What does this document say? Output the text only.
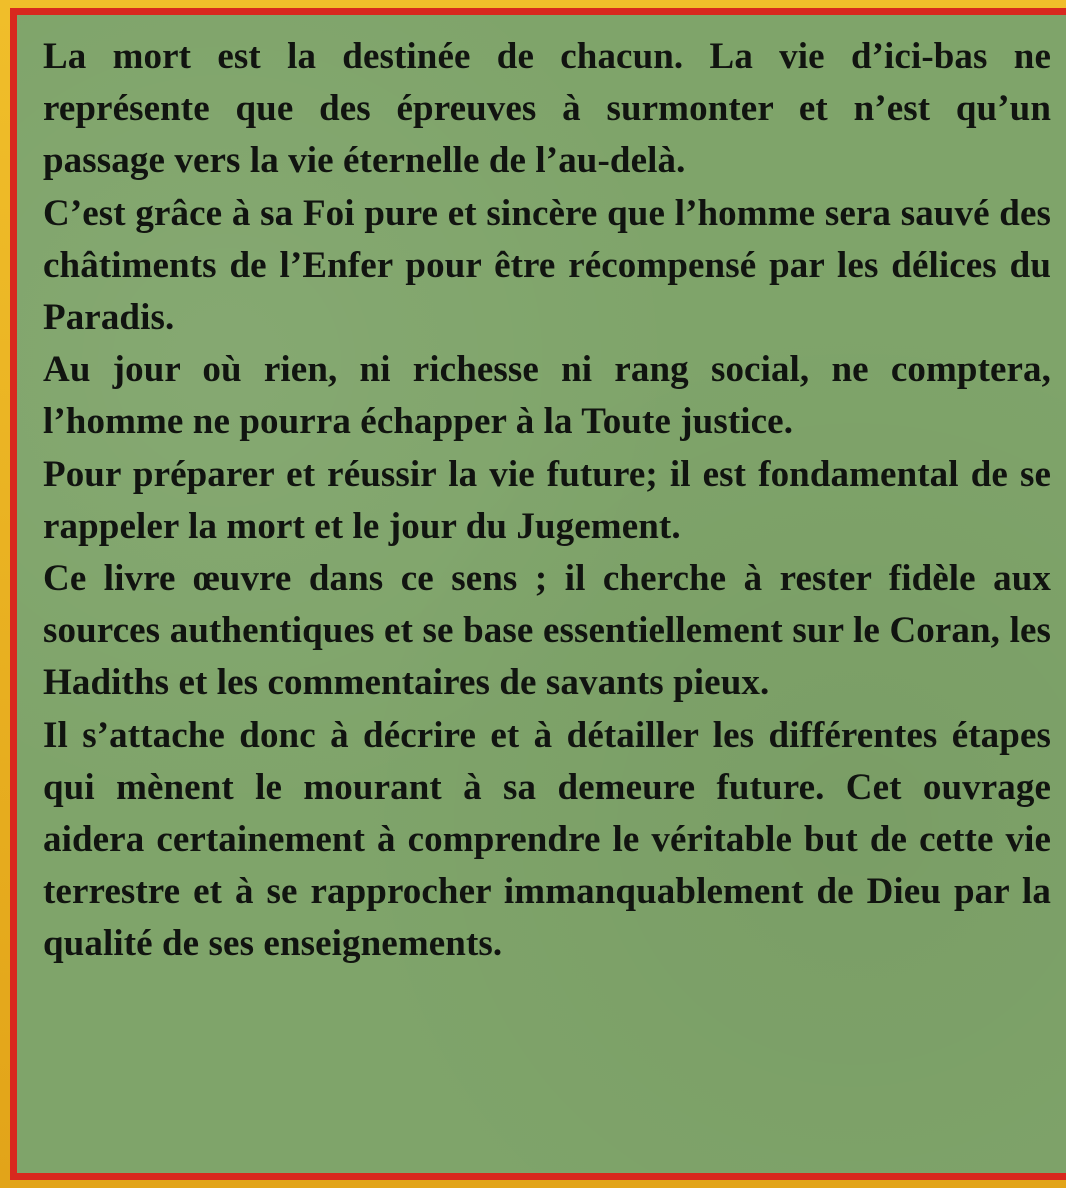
La mort est la destinée de chacun. La vie d’ici-bas ne représente que des épreuves à surmonter et n’est qu’un passage vers la vie éternelle de l’au-delà.

C’est grâce à sa Foi pure et sincère que l’homme sera sauvé des châtiments de l’Enfer pour être récompensé par les délices du Paradis.

Au jour où rien, ni richesse ni rang social, ne comptera, l’homme ne pourra échapper à la Toute justice.

Pour préparer et réussir la vie future; il est fondamental de se rappeler la mort et le jour du Jugement.

Ce livre œuvre dans ce sens ; il cherche à rester fidèle aux sources authentiques et se base essentiellement sur le Coran, les Hadiths et les commentaires de savants pieux.

Il s’attache donc à décrire et à détailler les différentes étapes qui mènent le mourant à sa demeure future. Cet ouvrage aidera certainement à comprendre le véritable but de cette vie terrestre et à se rapprocher immanquablement de Dieu par la qualité de ses enseignements.
